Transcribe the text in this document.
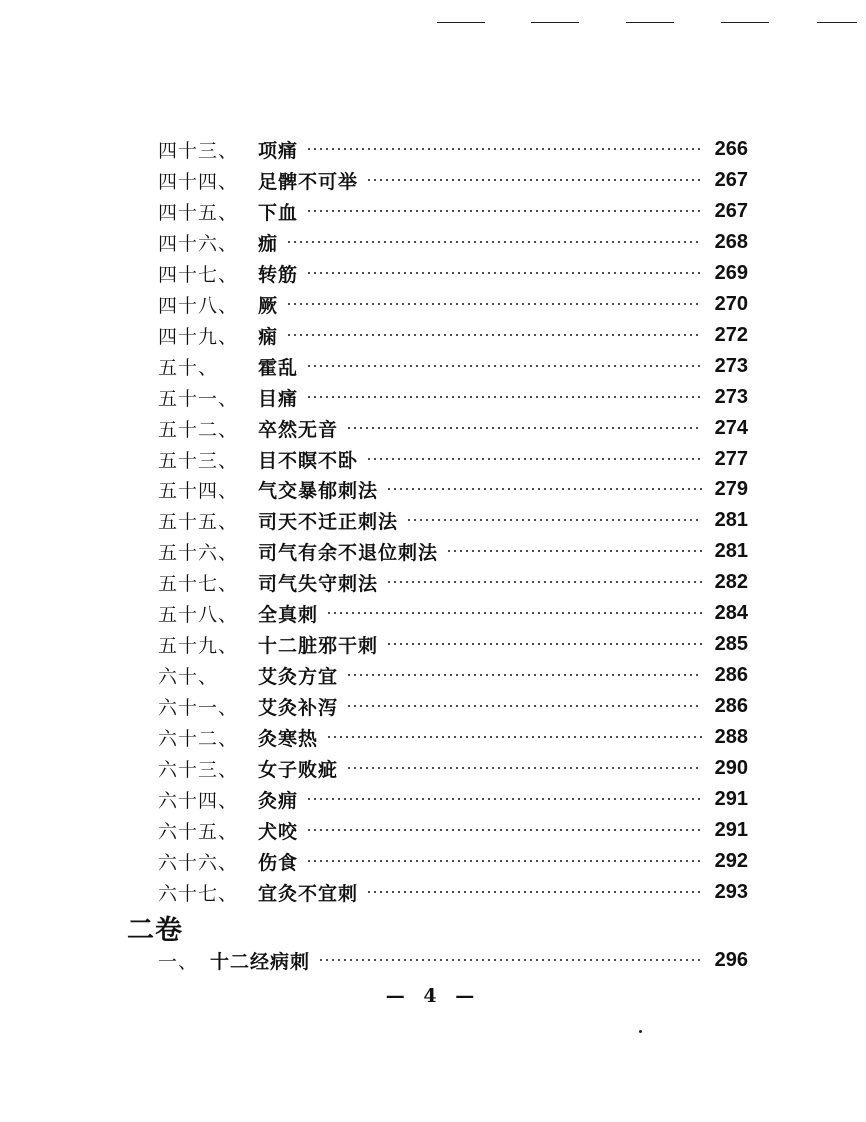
四十三、	项痛	266
四十四、	足髀不可举	267
四十五、	下血	267
四十六、	痂	268
四十七、	转筋	269
四十八、	厥	270
四十九、	痫	272
五十、	霍乱	273
五十一、	目痛	273
五十二、	卒然无音	274
五十三、	目不瞑不卧	277
五十四、	气交暴郁刺法	279
五十五、	司天不迁正刺法	281
五十六、	司气有余不退位刺法	281
五十七、	司气失守刺法	282
五十八、	全真刺	284
五十九、	十二脏邪干刺	285
六十、	艾灸方宜	286
六十一、	艾灸补泻	286
六十二、	灸寒热	288
六十三、	女子败疵	290
六十四、	灸痈	291
六十五、	犬咬	291
六十六、	伤食	292
六十七、	宜灸不宜刺	293
二卷
一、 十二经病刺	296
— 4 —
